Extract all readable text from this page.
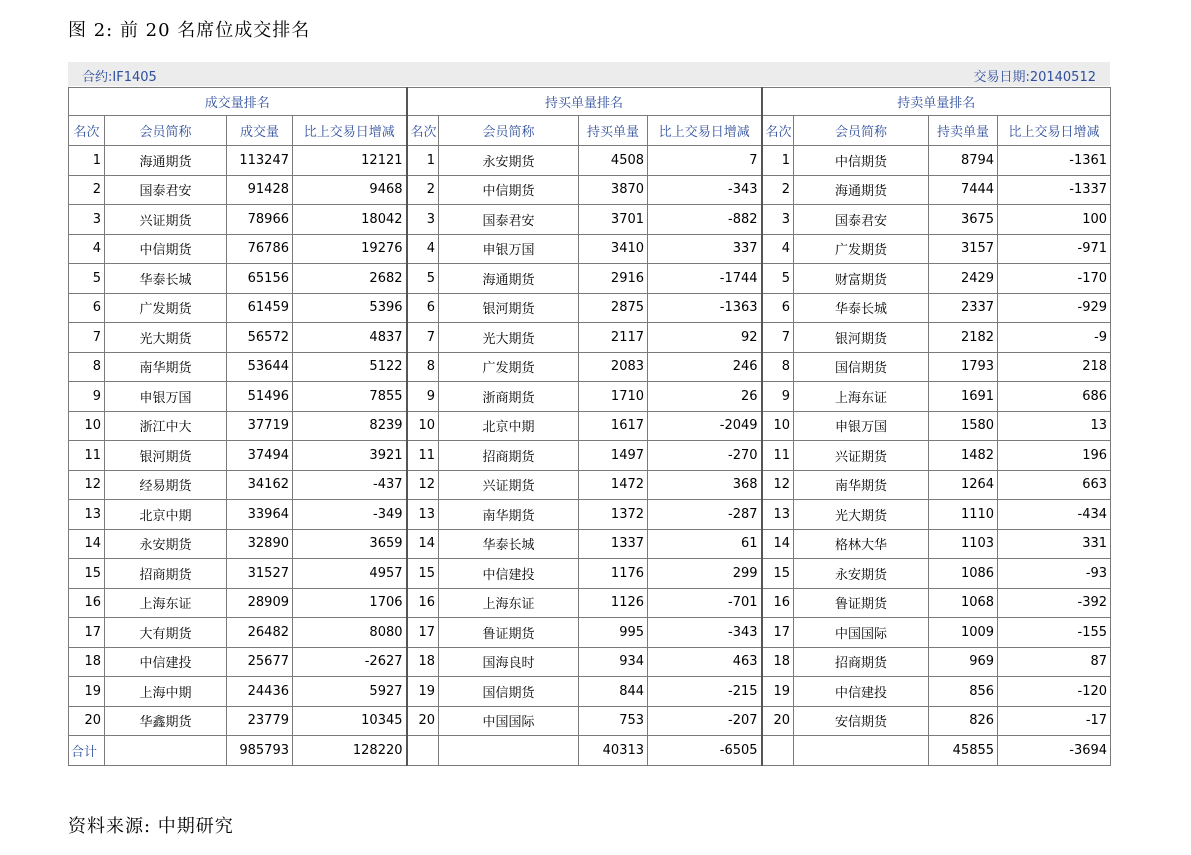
图 2: 前 20 名席位成交排名
合约:IF1405	交易日期:20140512
成交量排名				持买单量排名				持卖单量排名			
名次	会员简称	成交量	比上交易日增减	名次	会员简称	持买单量	比上交易日增减	名次	会员简称	持卖单量	比上交易日增减
1	海通期货	113247	12121	1	永安期货	4508	7	1	中信期货	8794	-1361
2	国泰君安	91428	9468	2	中信期货	3870	-343	2	海通期货	7444	-1337
3	兴证期货	78966	18042	3	国泰君安	3701	-882	3	国泰君安	3675	100
4	中信期货	76786	19276	4	申银万国	3410	337	4	广发期货	3157	-971
5	华泰长城	65156	2682	5	海通期货	2916	-1744	5	财富期货	2429	-170
6	广发期货	61459	5396	6	银河期货	2875	-1363	6	华泰长城	2337	-929
7	光大期货	56572	4837	7	光大期货	2117	92	7	银河期货	2182	-9
8	南华期货	53644	5122	8	广发期货	2083	246	8	国信期货	1793	218
9	申银万国	51496	7855	9	浙商期货	1710	26	9	上海东证	1691	686
10	浙江中大	37719	8239	10	北京中期	1617	-2049	10	申银万国	1580	13
11	银河期货	37494	3921	11	招商期货	1497	-270	11	兴证期货	1482	196
12	经易期货	34162	-437	12	兴证期货	1472	368	12	南华期货	1264	663
13	北京中期	33964	-349	13	南华期货	1372	-287	13	光大期货	1110	-434
14	永安期货	32890	3659	14	华泰长城	1337	61	14	格林大华	1103	331
15	招商期货	31527	4957	15	中信建投	1176	299	15	永安期货	1086	-93
16	上海东证	28909	1706	16	上海东证	1126	-701	16	鲁证期货	1068	-392
17	大有期货	26482	8080	17	鲁证期货	995	-343	17	中国国际	1009	-155
18	中信建投	25677	-2627	18	国海良时	934	463	18	招商期货	969	87
19	上海中期	24436	5927	19	国信期货	844	-215	19	中信建投	856	-120
20	华鑫期货	23779	10345	20	中国国际	753	-207	20	安信期货	826	-17
合计		985793	128220			40313	-6505			45855	-3694
资料来源: 中期研究
